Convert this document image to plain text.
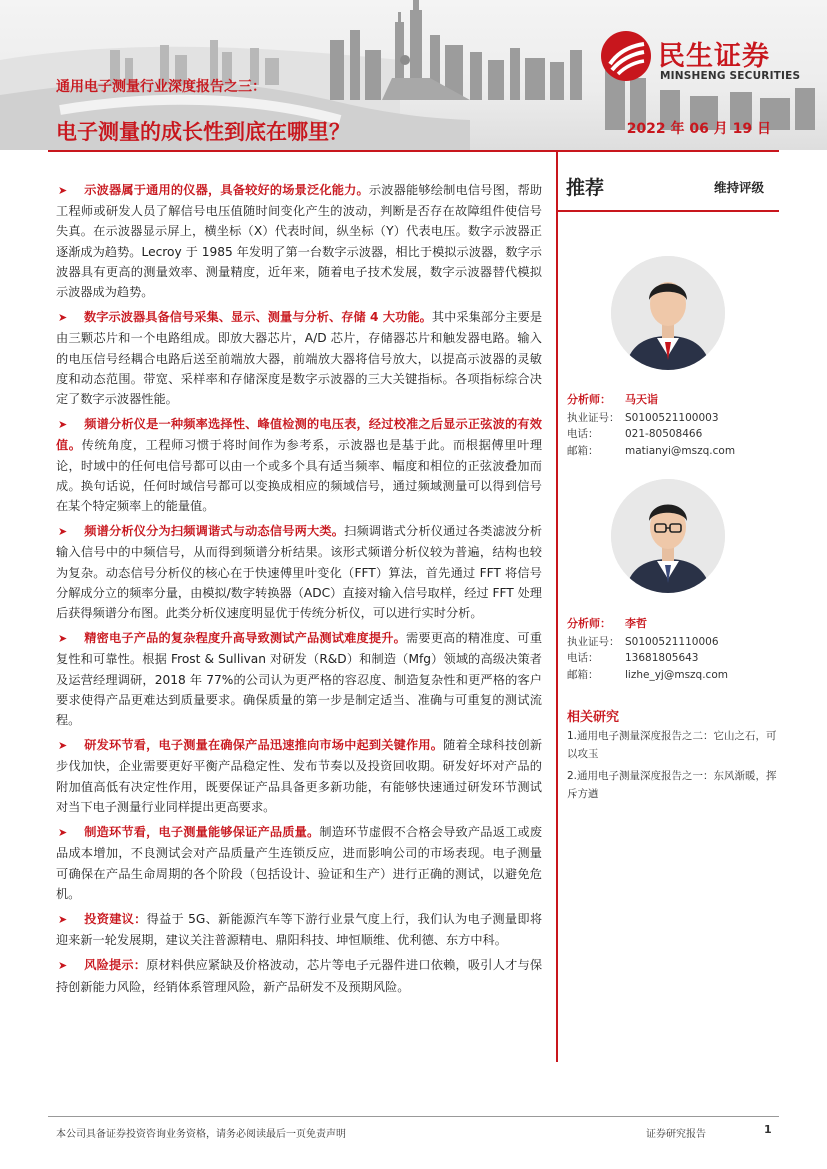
通用电子测量行业深度报告之三：
电子测量的成长性到底在哪里？	2022 年 06 月 19 日
民生证券
MINSHENG SECURITIES
➤ 示波器属于通用的仪器，具备较好的场景泛化能力。示波器能够绘制电信号图，帮助工程师或研发人员了解信号电压值随时间变化产生的波动，判断是否存在故障组件使信号失真。在示波器显示屏上，横坐标（X）代表时间，纵坐标（Y）代表电压。数字示波器正逐渐成为趋势。Lecroy 于 1985 年发明了第一台数字示波器，相比于模拟示波器，数字示波器具有更高的测量效率、测量精度，近年来，随着电子技术发展，数字示波器替代模拟示波器成为趋势。
➤ 数字示波器具备信号采集、显示、测量与分析、存储 4 大功能。其中采集部分主要是由三颗芯片和一个电路组成。即放大器芯片，A/D 芯片，存储器芯片和触发器电路。输入的电压信号经耦合电路后送至前端放大器，前端放大器将信号放大，以提高示波器的灵敏度和动态范围。带宽、采样率和存储深度是数字示波器的三大关键指标。各项指标综合决定了数字示波器性能。
➤ 频谱分析仪是一种频率选择性、峰值检测的电压表，经过校准之后显示正弦波的有效值。传统角度，工程师习惯于将时间作为参考系，示波器也是基于此。而根据傅里叶理论，时域中的任何电信号都可以由一个或多个具有适当频率、幅度和相位的正弦波叠加而成。换句话说，任何时域信号都可以变换成相应的频域信号，通过频域测量可以得到信号在某个特定频率上的能量值。
➤ 频谱分析仪分为扫频调谐式与动态信号两大类。扫频调谐式分析仪通过各类滤波分析输入信号中的中频信号，从而得到频谱分析结果。该形式频谱分析仪较为普遍，结构也较为复杂。动态信号分析仪的核心在于快速傅里叶变化（FFT）算法，首先通过 FFT 将信号分解成分立的频率分量，由模拟/数字转换器（ADC）直接对输入信号取样，经过 FFT 处理后获得频谱分布图。此类分析仪速度明显优于传统分析仪，可以进行实时分析。
➤ 精密电子产品的复杂程度升高导致测试产品测试难度提升。需要更高的精准度、可重复性和可靠性。根据 Frost & Sullivan 对研发（R&D）和制造（Mfg）领域的高级决策者及运营经理调研，2018 年 77%的公司认为更严格的容忍度、制造复杂性和更严格的客户要求使得产品更难达到质量要求。确保质量的第一步是制定适当、准确与可重复的测试流程。
➤ 研发环节看，电子测量在确保产品迅速推向市场中起到关键作用。随着全球科技创新步伐加快，企业需要更好平衡产品稳定性、发布节奏以及投资回收期。研发好坏对产品的附加值高低有决定性作用，既要保证产品具备更多新功能，有能够快速通过研发环节测试对当下电子测量行业同样提出更高要求。
➤ 制造环节看，电子测量能够保证产品质量。制造环节虚假不合格会导致产品返工或废品成本增加，不良测试会对产品质量产生连锁反应，进而影响公司的市场表现。电子测量可确保在产品生命周期的各个阶段（包括设计、验证和生产）进行正确的测试，以避免危机。
➤ 投资建议：得益于 5G、新能源汽车等下游行业景气度上行，我们认为电子测量即将迎来新一轮发展期，建议关注普源精电、鼎阳科技、坤恒顺维、优利德、东方中科。
➤ 风险提示：原材料供应紧缺及价格波动，芯片等电子元器件进口依赖，吸引人才与保持创新能力风险，经销体系管理风险，新产品研发不及预期风险。
推荐	维持评级
分析师：	马天诣
执业证号： S0100521100003
电话：	021-80508466
邮箱：	matianyi@mszq.com
分析师：	李哲
执业证号： S0100521110006
电话：	13681805643
邮箱：	lizhe_yj@mszq.com
相关研究
1.通用电子测量深度报告之二：它山之石，可以攻玉
2.通用电子测量深度报告之一：东风渐暖，挥斥方遒
本公司具备证券投资咨询业务资格，请务必阅读最后一页免责声明	证券研究报告	1
